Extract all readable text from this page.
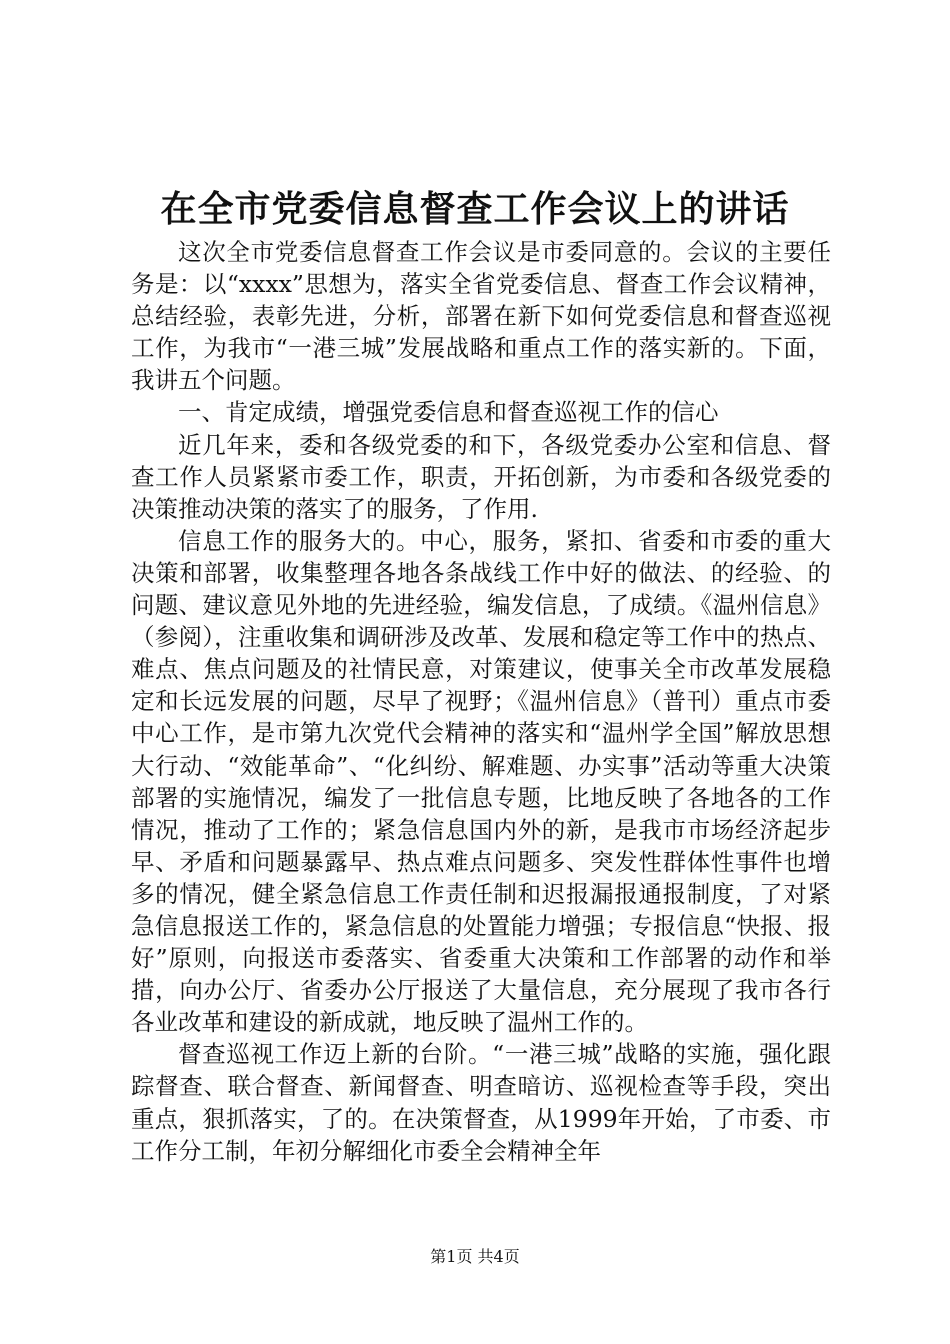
在全市党委信息督查工作会议上的讲话

这次全市党委信息督查工作会议是市委同意的。会议的主要任务是：以“xxxx”思想为，落实全省党委信息、督查工作会议精神，总结经验，表彰先进，分析，部署在新下如何党委信息和督查巡视工作，为我市“一港三城”发展战略和重点工作的落实新的。下面，我讲五个问题。

一、肯定成绩，增强党委信息和督查巡视工作的信心

近几年来，委和各级党委的和下，各级党委办公室和信息、督查工作人员紧紧市委工作，职责，开拓创新，为市委和各级党委的决策推动决策的落实了的服务，了作用.

信息工作的服务大的。中心，服务，紧扣、省委和市委的重大决策和部署，收集整理各地各条战线工作中好的做法、的经验、的问题、建议意见外地的先进经验，编发信息，了成绩。《温州信息》（参阅），注重收集和调研涉及改革、发展和稳定等工作中的热点、难点、焦点问题及的社情民意，对策建议，使事关全市改革发展稳定和长远发展的问题，尽早了视野；《温州信息》（普刊）重点市委中心工作，是市第九次党代会精神的落实和“温州学全国”解放思想大行动、“效能革命”、“化纠纷、解难题、办实事”活动等重大决策部署的实施情况，编发了一批信息专题，比地反映了各地各的工作情况，推动了工作的；紧急信息国内外的新，是我市市场经济起步早、矛盾和问题暴露早、热点难点问题多、突发性群体性事件也增多的情况，健全紧急信息工作责任制和迟报漏报通报制度，了对紧急信息报送工作的，紧急信息的处置能力增强；专报信息“快报、报好”原则，向报送市委落实、省委重大决策和工作部署的动作和举措，向办公厅、省委办公厅报送了大量信息，充分展现了我市各行各业改革和建设的新成就，地反映了温州工作的。

督查巡视工作迈上新的台阶。“一港三城”战略的实施，强化跟踪督查、联合督查、新闻督查、明查暗访、巡视检查等手段，突出重点，狠抓落实，了的。在决策督查，从1999年开始，了市委、市工作分工制，年初分解细化市委全会精神全年

第1页 共4页
